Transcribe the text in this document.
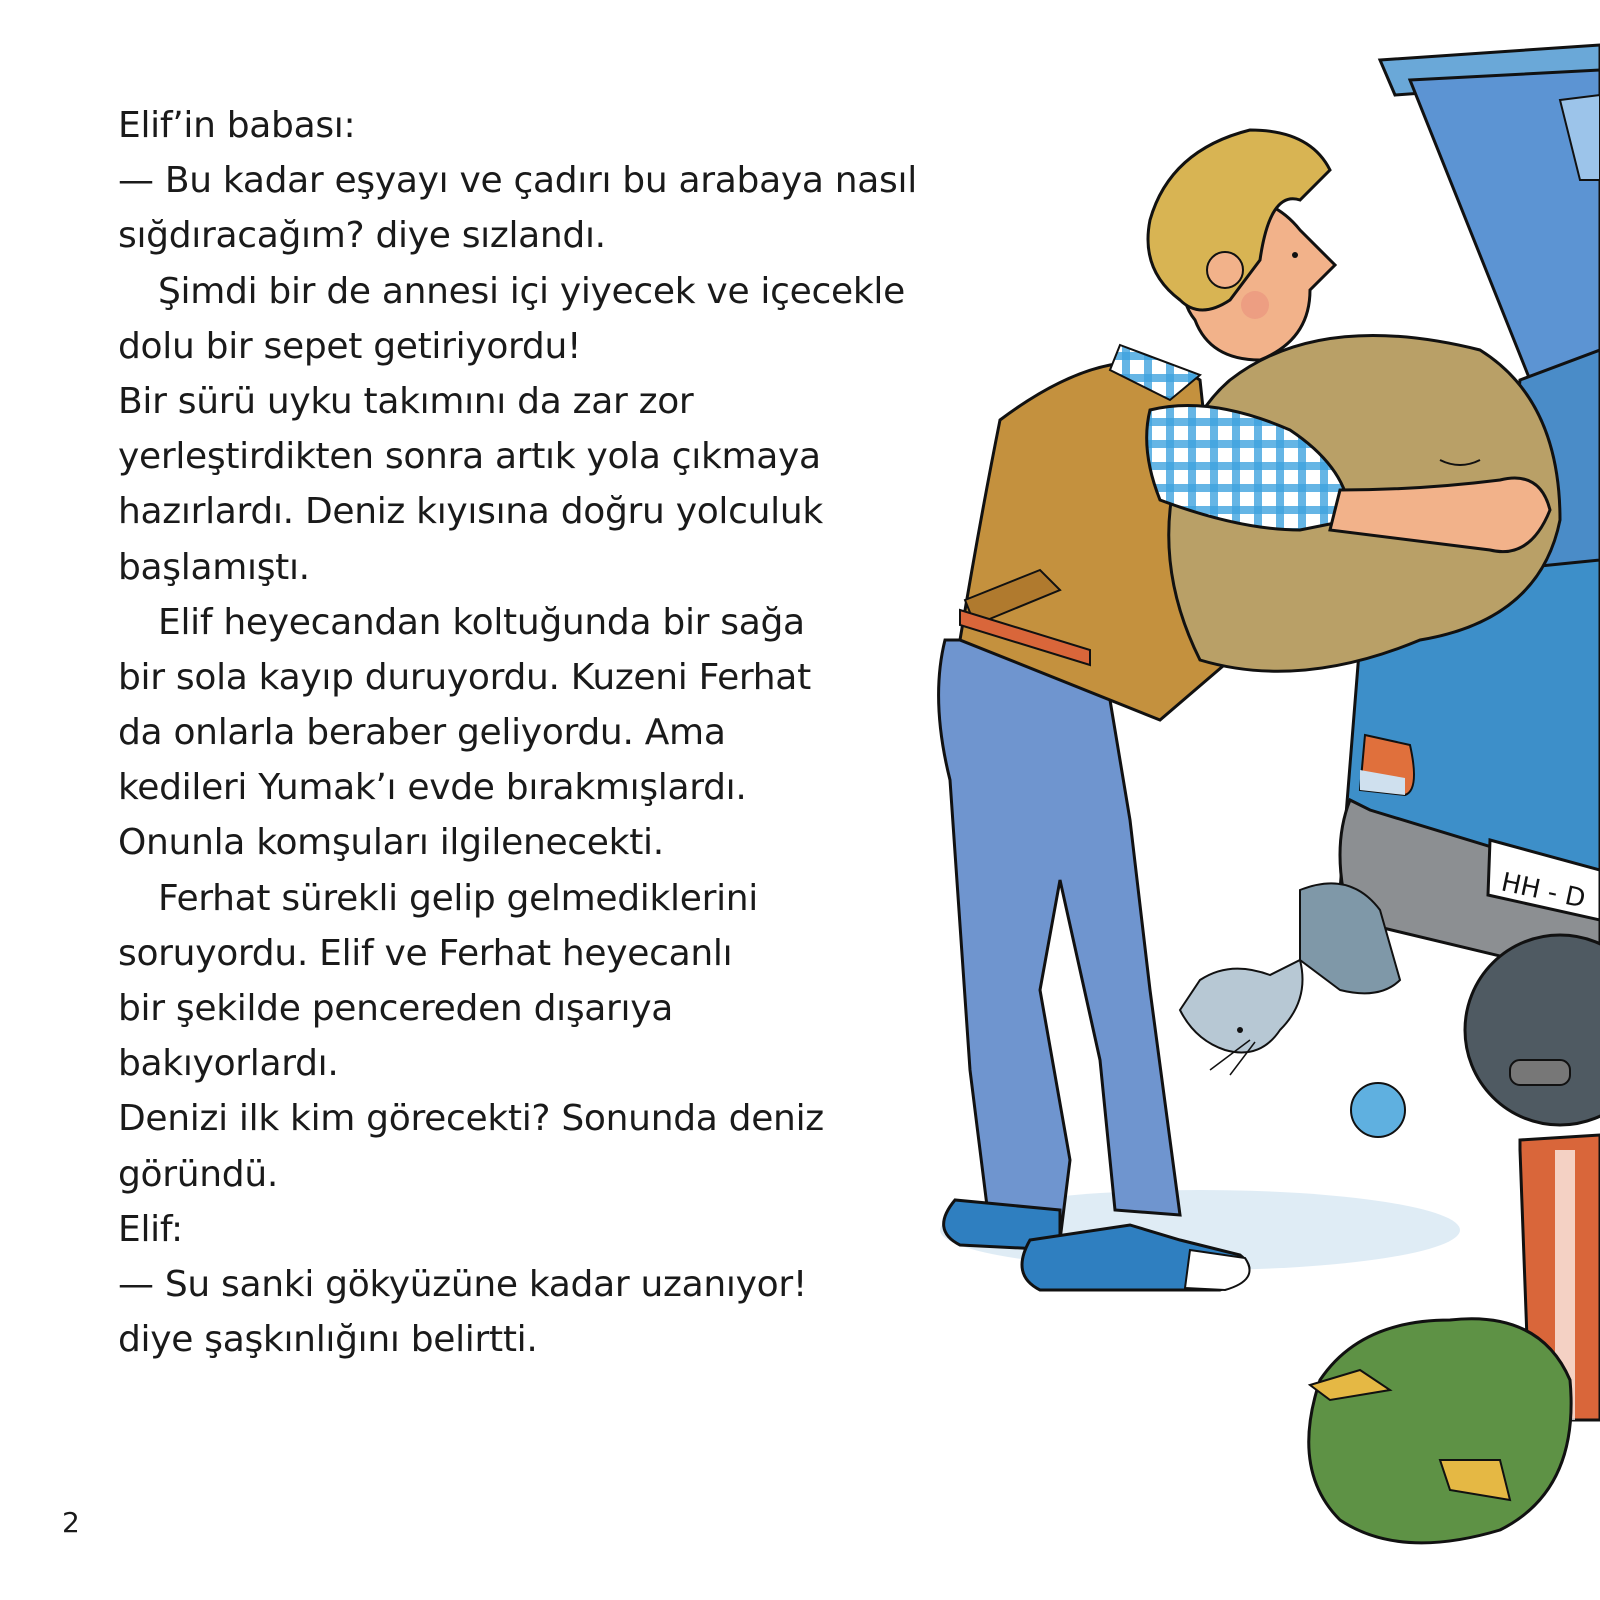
Elif’in babası:
— Bu kadar eşyayı ve çadırı bu arabaya nasıl
sığdıracağım? diye sızlandı.
Şimdi bir de annesi içi yiyecek ve içecekle
dolu bir sepet getiriyordu!
Bir sürü uyku takımını da zar zor
yerleştirdikten sonra artık yola çıkmaya
hazırlardı. Deniz kıyısına doğru yolculuk
başlamıştı.
Elif heyecandan koltuğunda bir sağa
bir sola kayıp duruyordu. Kuzeni Ferhat
da onlarla beraber geliyordu. Ama
kedileri Yumak’ı evde bırakmışlardı.
Onunla komşuları ilgilenecekti.
Ferhat sürekli gelip gelmediklerini
soruyordu. Elif ve Ferhat heyecanlı
bir şekilde pencereden dışarıya
bakıyorlardı.
Denizi ilk kim görecekti? Sonunda deniz
göründü.
Elif:
— Su sanki gökyüzüne kadar uzanıyor!
diye şaşkınlığını belirtti.
2
HH - D
